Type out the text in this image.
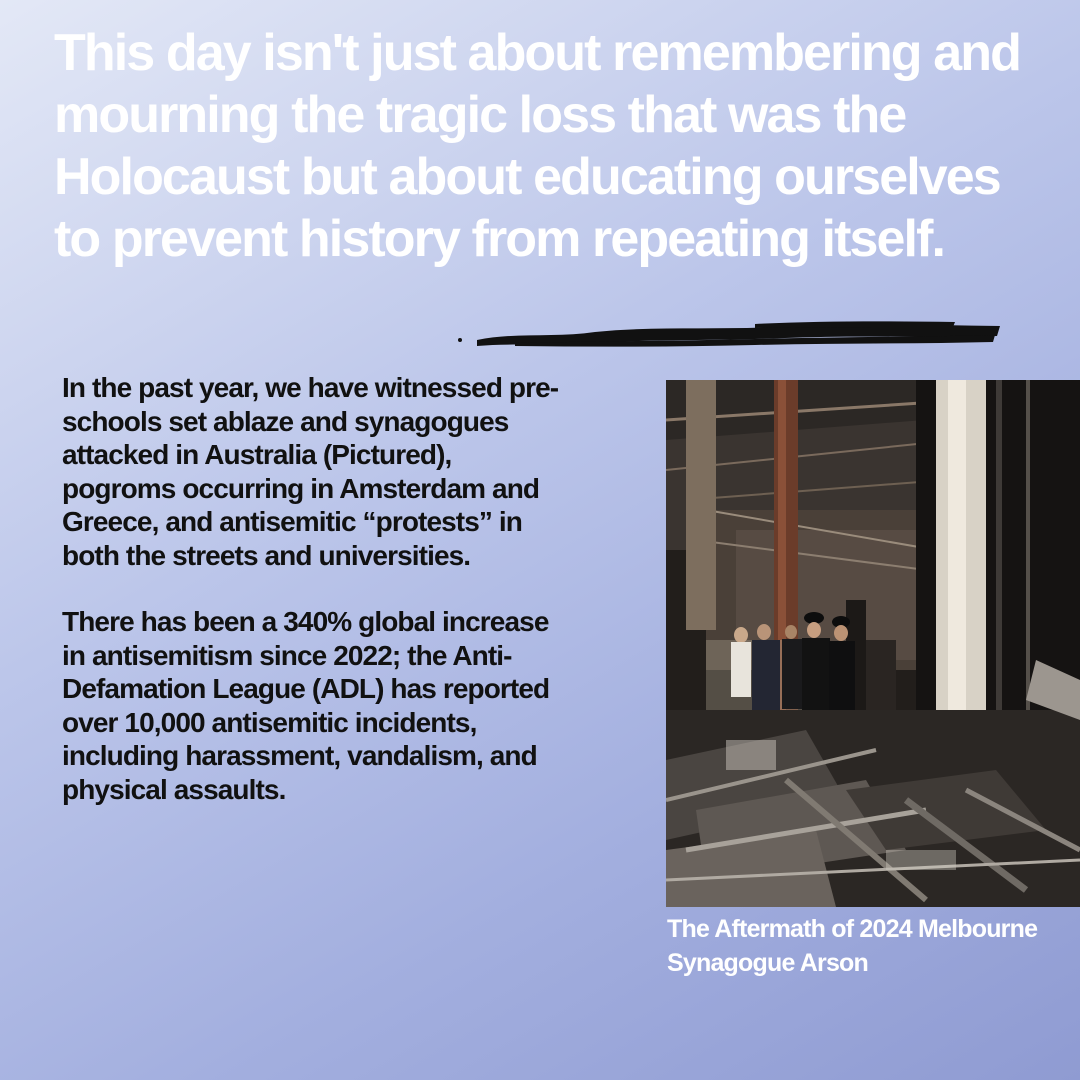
This day isn't just about remembering and mourning the tragic loss that was the Holocaust but about educating ourselves to prevent history from repeating itself.

In the past year, we have witnessed pre-schools set ablaze and synagogues attacked in Australia (Pictured), pogroms occurring in Amsterdam and Greece, and antisemitic “protests” in both the streets and universities.

There has been a 340% global increase in antisemitism since 2022; the Anti-Defamation League (ADL) has reported over 10,000 antisemitic incidents, including harassment, vandalism, and physical assaults.

The Aftermath of 2024 Melbourne Synagogue Arson
